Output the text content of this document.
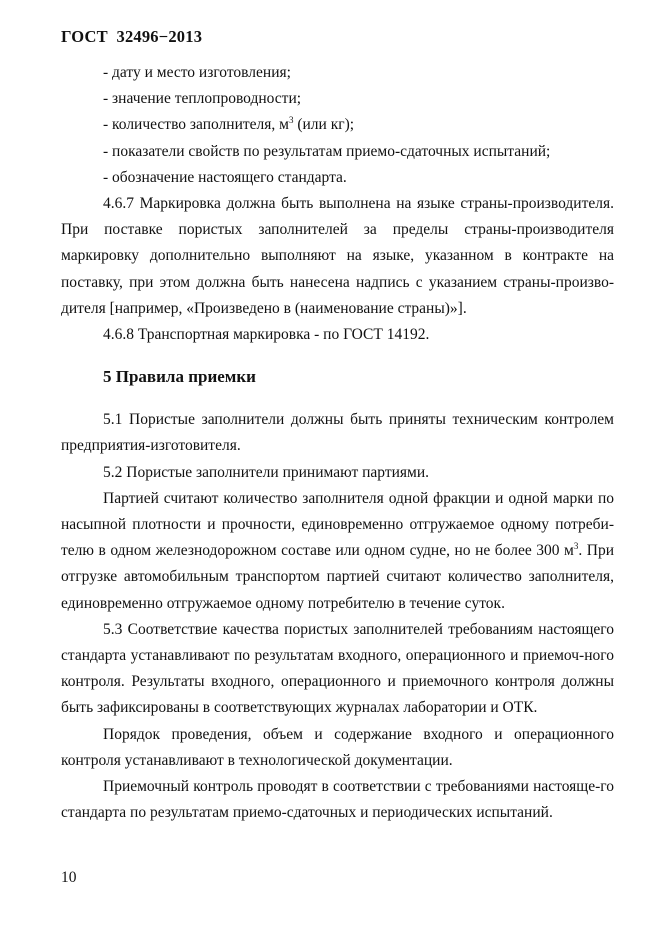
ГОСТ  32496−2013

- дату и место изготовления;

- значение теплопроводности;

- количество заполнителя, $м^3$ (или кг);

- показатели свойств по результатам приемо-сдаточных испытаний;

- обозначение настоящего стандарта.

4.6.7 Маркировка должна быть выполнена на языке страны-производителя. При поставке пористых заполнителей за пределы страны-производителя маркировку дополнительно выполняют на языке, указанном в контракте на поставку, при этом должна быть нанесена надпись с указанием страны-произво-дителя [например, «Произведено в (наименование страны)»].

4.6.8 Транспортная маркировка ‑ по ГОСТ 14192.

5 Правила приемки

5.1 Пористые заполнители должны быть приняты техническим контролем предприятия-изготовителя.

5.2 Пористые заполнители принимают партиями.

Партией считают количество заполнителя одной фракции и одной марки по насыпной плотности и прочности, единовременно отгружаемое одному потреби-телю в одном железнодорожном составе или одном судне, но не более 300 $м^3$. При отгрузке автомобильным транспортом партией считают количество заполнителя, единовременно отгружаемое одному потребителю в течение суток.

5.3 Соответствие качества пористых заполнителей требованиям настоящего стандарта устанавливают по результатам входного, операционного и приемоч-ного контроля. Результаты входного, операционного и приемочного контроля должны быть зафиксированы в соответствующих журналах лаборатории и ОТК.

Порядок проведения, объем и содержание входного и операционного контроля устанавливают в технологической документации.

Приемочный контроль проводят в соответствии с требованиями настояще-го стандарта по результатам приемо-сдаточных и периодических испытаний.

10
